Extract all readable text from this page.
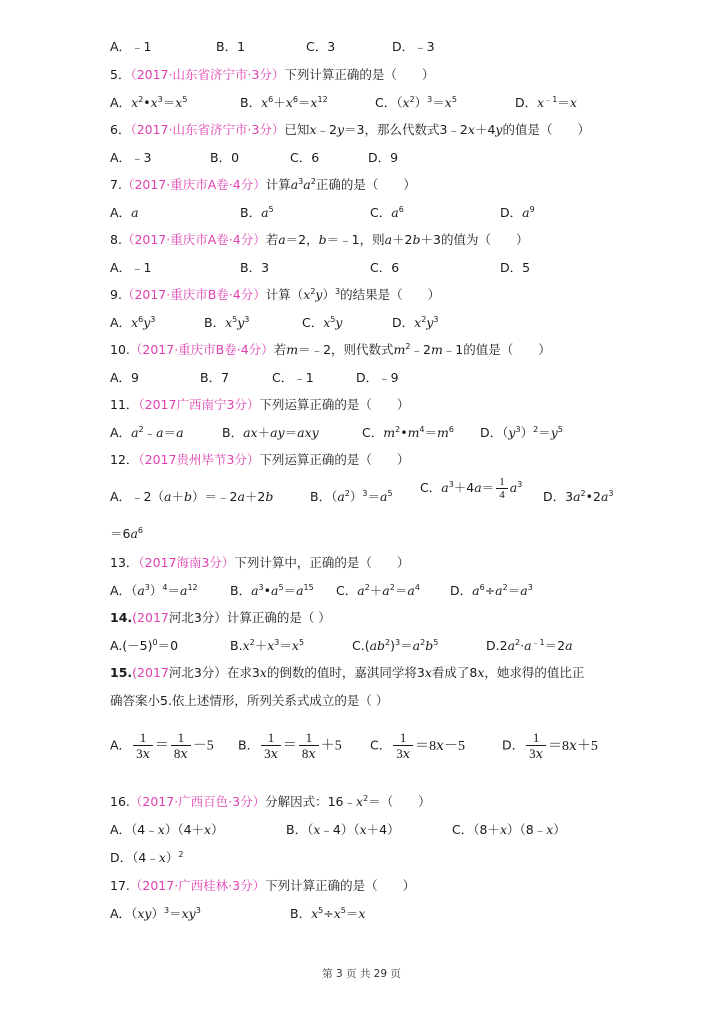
A．﹣1	B．1	C．3	D．﹣3
5．（2017·山东省济宁市·3分）下列计算正确的是（　　）
A．$x^2•x^3=x^5$	B．$x^6+x^6=x^{12}$	C．$(x^2)^3=x^5$	D．$x^{﹣1}=x$
6．（2017·山东省济宁市·3分）已知x﹣2y＝3，那么代数式3﹣2x＋4y的值是（　　）
A．﹣3	B．0	C．6	D．9
7.（2017·重庆市A卷·4分）计算$a^3a^2$正确的是（　　）
A．a	B．$a^5$	C．$a^6$	D．$a^9$
8.（2017·重庆市A卷·4分）若a＝2，b＝﹣1，则a＋2b＋3的值为（　　）
A．﹣1	B．3	C．6	D．5
9.（2017·重庆市B卷·4分）计算$(x^2y)^3$的结果是（　　）
A．$x^6y^3$	B．$x^5y^3$	C．$x^5y$	D．$x^2y^3$
10.（2017·重庆市B卷·4分）若m＝﹣2，则代数式$m^2﹣2m﹣1$的值是（　　）
A．9	B．7	C．﹣1	D．﹣9
11．（2017广西南宁3分）下列运算正确的是（　　）
A．$a^2﹣a=a$	B．ax＋ay＝axy	C．$m^2•m^4=m^6$ D．$(y^3)^2=y^5$
12．（2017贵州毕节3分）下列运算正确的是（　　）
A．﹣2（a＋b）＝﹣2a＋2b	B．$(a^2)^3=a^5$ C．$a^3+4a= \frac{1}{4} a^3$
D．$3a^2•2a^3$
$=6a^6$
13．（2017海南3分）下列计算中，正确的是（　　）
A．$(a^3)^4=a^{12}$	B．$a^3•a^5=a^{15}$ C．$a^2+a^2=a^4$ D．$a^6\div a^2=a^3$
14.(2017河北3分）计算正确的是（ ）
$A.(-5)^0=0$	$B.x^2+x^3=x^5$	$C.(ab^2)^3=a^2b^5$	$D.2a^2\cdot a^{﹣1}=2a$
15.(2017河北3分）在求3x的倒数的值时，嘉淇同学将3x看成了8x，她求得的值比正
确答案小5.依上述情形，所列关系式成立的是（ ）
A． $\frac{1}{3x} = \frac{1}{8x} -5$ B． $\frac{1}{3x} = \frac{1}{8x} +5$ C． $\frac{1}{3x} =8x-5$	D． $\frac{1}{3x} =8x+5$
16.（2017·广西百色·3分）分解因式：$16﹣x^2=$（　　）
A．（4﹣x）（4＋x）	B．（x﹣4）（x＋4）	C．（8＋x）（8﹣x）
D．（4﹣x）$^2$
17.（2017·广西桂林·3分）下列计算正确的是（　　）
A．$(xy)^3=xy^3$	B．$x^5\div x^5=x$
第 3 页 共 29 页
